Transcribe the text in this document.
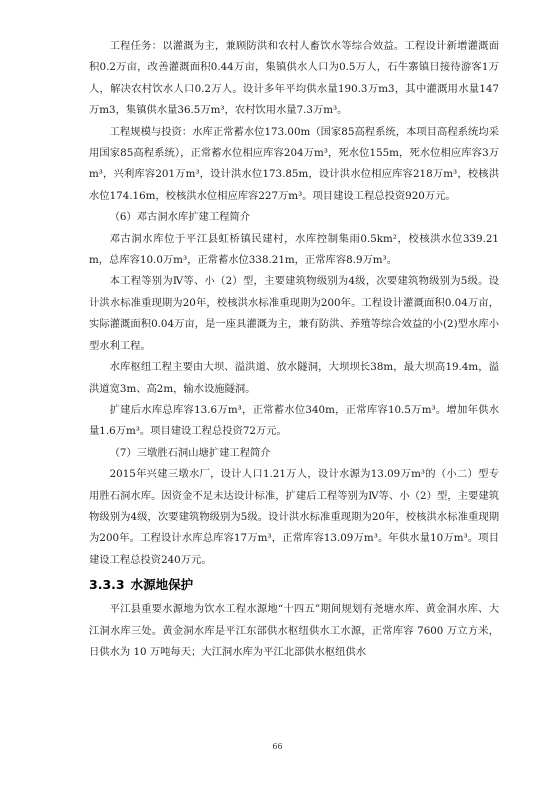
工程任务：以灌溉为主，兼顾防洪和农村人畜饮水等综合效益。工程设计新增灌溉面积0.2万亩，改善灌溉面积0.44万亩，集镇供水人口为0.5万人，石牛寨镇日接待游客1万人，解决农村饮水人口0.2万人。设计多年平均供水量190.3万m3，其中灌溉用水量147万m3，集镇供水量36.5万m³，农村饮用水量7.3万m³。

工程规模与投资：水库正常蓄水位173.00m（国家85高程系统，本项目高程系统均采用国家85高程系统），正常蓄水位相应库容204万m³，死水位155m，死水位相应库容3万m³，兴利库容201万m³，设计洪水位173.85m，设计洪水位相应库容218万m³，校核洪水位174.16m，校核洪水位相应库容227万m³。项目建设工程总投资920万元。

（6）邓古洞水库扩建工程简介

邓古洞水库位于平江县虹桥镇民建村，水库控制集雨0.5km²，校核洪水位339.21m，总库容10.0万m³，正常蓄水位338.21m，正常库容8.9万m³。

本工程等别为Ⅳ等、小（2）型，主要建筑物级别为4级，次要建筑物级别为5级。设计洪水标准重现期为20年，校核洪水标准重现期为200年。工程设计灌溉面积0.04万亩，实际灌溉面积0.04万亩，是一座具灌溉为主，兼有防洪、养殖等综合效益的小(2)型水库小型水利工程。

水库枢纽工程主要由大坝、溢洪道、放水隧洞，大坝坝长38m，最大坝高19.4m，溢洪道宽3m、高2m，输水设施隧洞。

扩建后水库总库容13.6万m³，正常蓄水位340m，正常库容10.5万m³。增加年供水量1.6万m³。项目建设工程总投资72万元。

（7）三墩胜石洞山塘扩建工程简介

2015年兴建三墩水厂，设计人口1.21万人，设计水源为13.09万m³的（小二）型专用胜石洞水库。因资金不足未达设计标准，扩建后工程等别为Ⅳ等、小（2）型，主要建筑物级别为4级，次要建筑物级别为5级。设计洪水标准重现期为20年，校核洪水标准重现期为200年。工程设计水库总库容17万m³，正常库容13.09万m³。年供水量10万m³。项目建设工程总投资240万元。

3.3.3 水源地保护

平江县重要水源地为饮水工程水源地“十四五”期间规划有尧塘水库、黄金洞水库、大江洞水库三处。黄金洞水库是平江东部供水枢纽供水工水源，正常库容 7600 万立方米，日供水为 10 万吨每天；大江洞水库为平江北部供水枢纽供水

66
